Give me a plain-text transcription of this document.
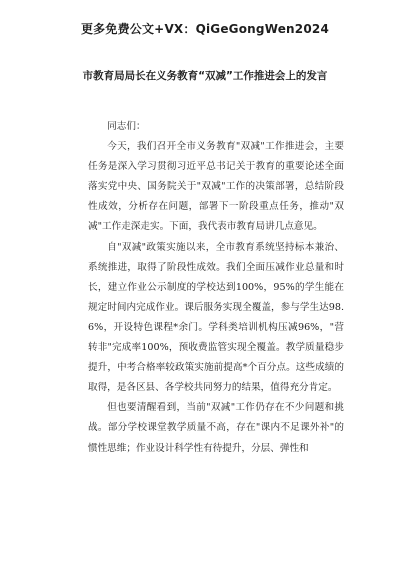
更多免费公文+VX：QiGeGongWen2024
市教育局局长在义务教育“双减”工作推进会上的发言

同志们：

今天，我们召开全市义务教育"双减"工作推进会，主要任务是深入学习贯彻习近平总书记关于教育的重要论述全面落实党中央、国务院关于"双减"工作的决策部署，总结阶段性成效，分析存在问题，部署下一阶段重点任务，推动"双减"工作走深走实。下面，我代表市教育局讲几点意见。

自"双减"政策实施以来，全市教育系统坚持标本兼治、系统推进，取得了阶段性成效。我们全面压减作业总量和时长，建立作业公示制度的学校达到100%，95%的学生能在规定时间内完成作业。课后服务实现全覆盖，参与学生达98.6%，开设特色课程*余门。学科类培训机构压减96%，"营转非"完成率100%，预收费监管实现全覆盖。教学质量稳步提升，中考合格率较政策实施前提高*个百分点。这些成绩的取得，是各区县、各学校共同努力的结果，值得充分肯定。

但也要清醒看到，当前"双减"工作仍存在不少问题和挑战。部分学校课堂教学质量不高，存在"课内不足课外补"的惯性思维；作业设计科学性有待提升，分层、弹性和
